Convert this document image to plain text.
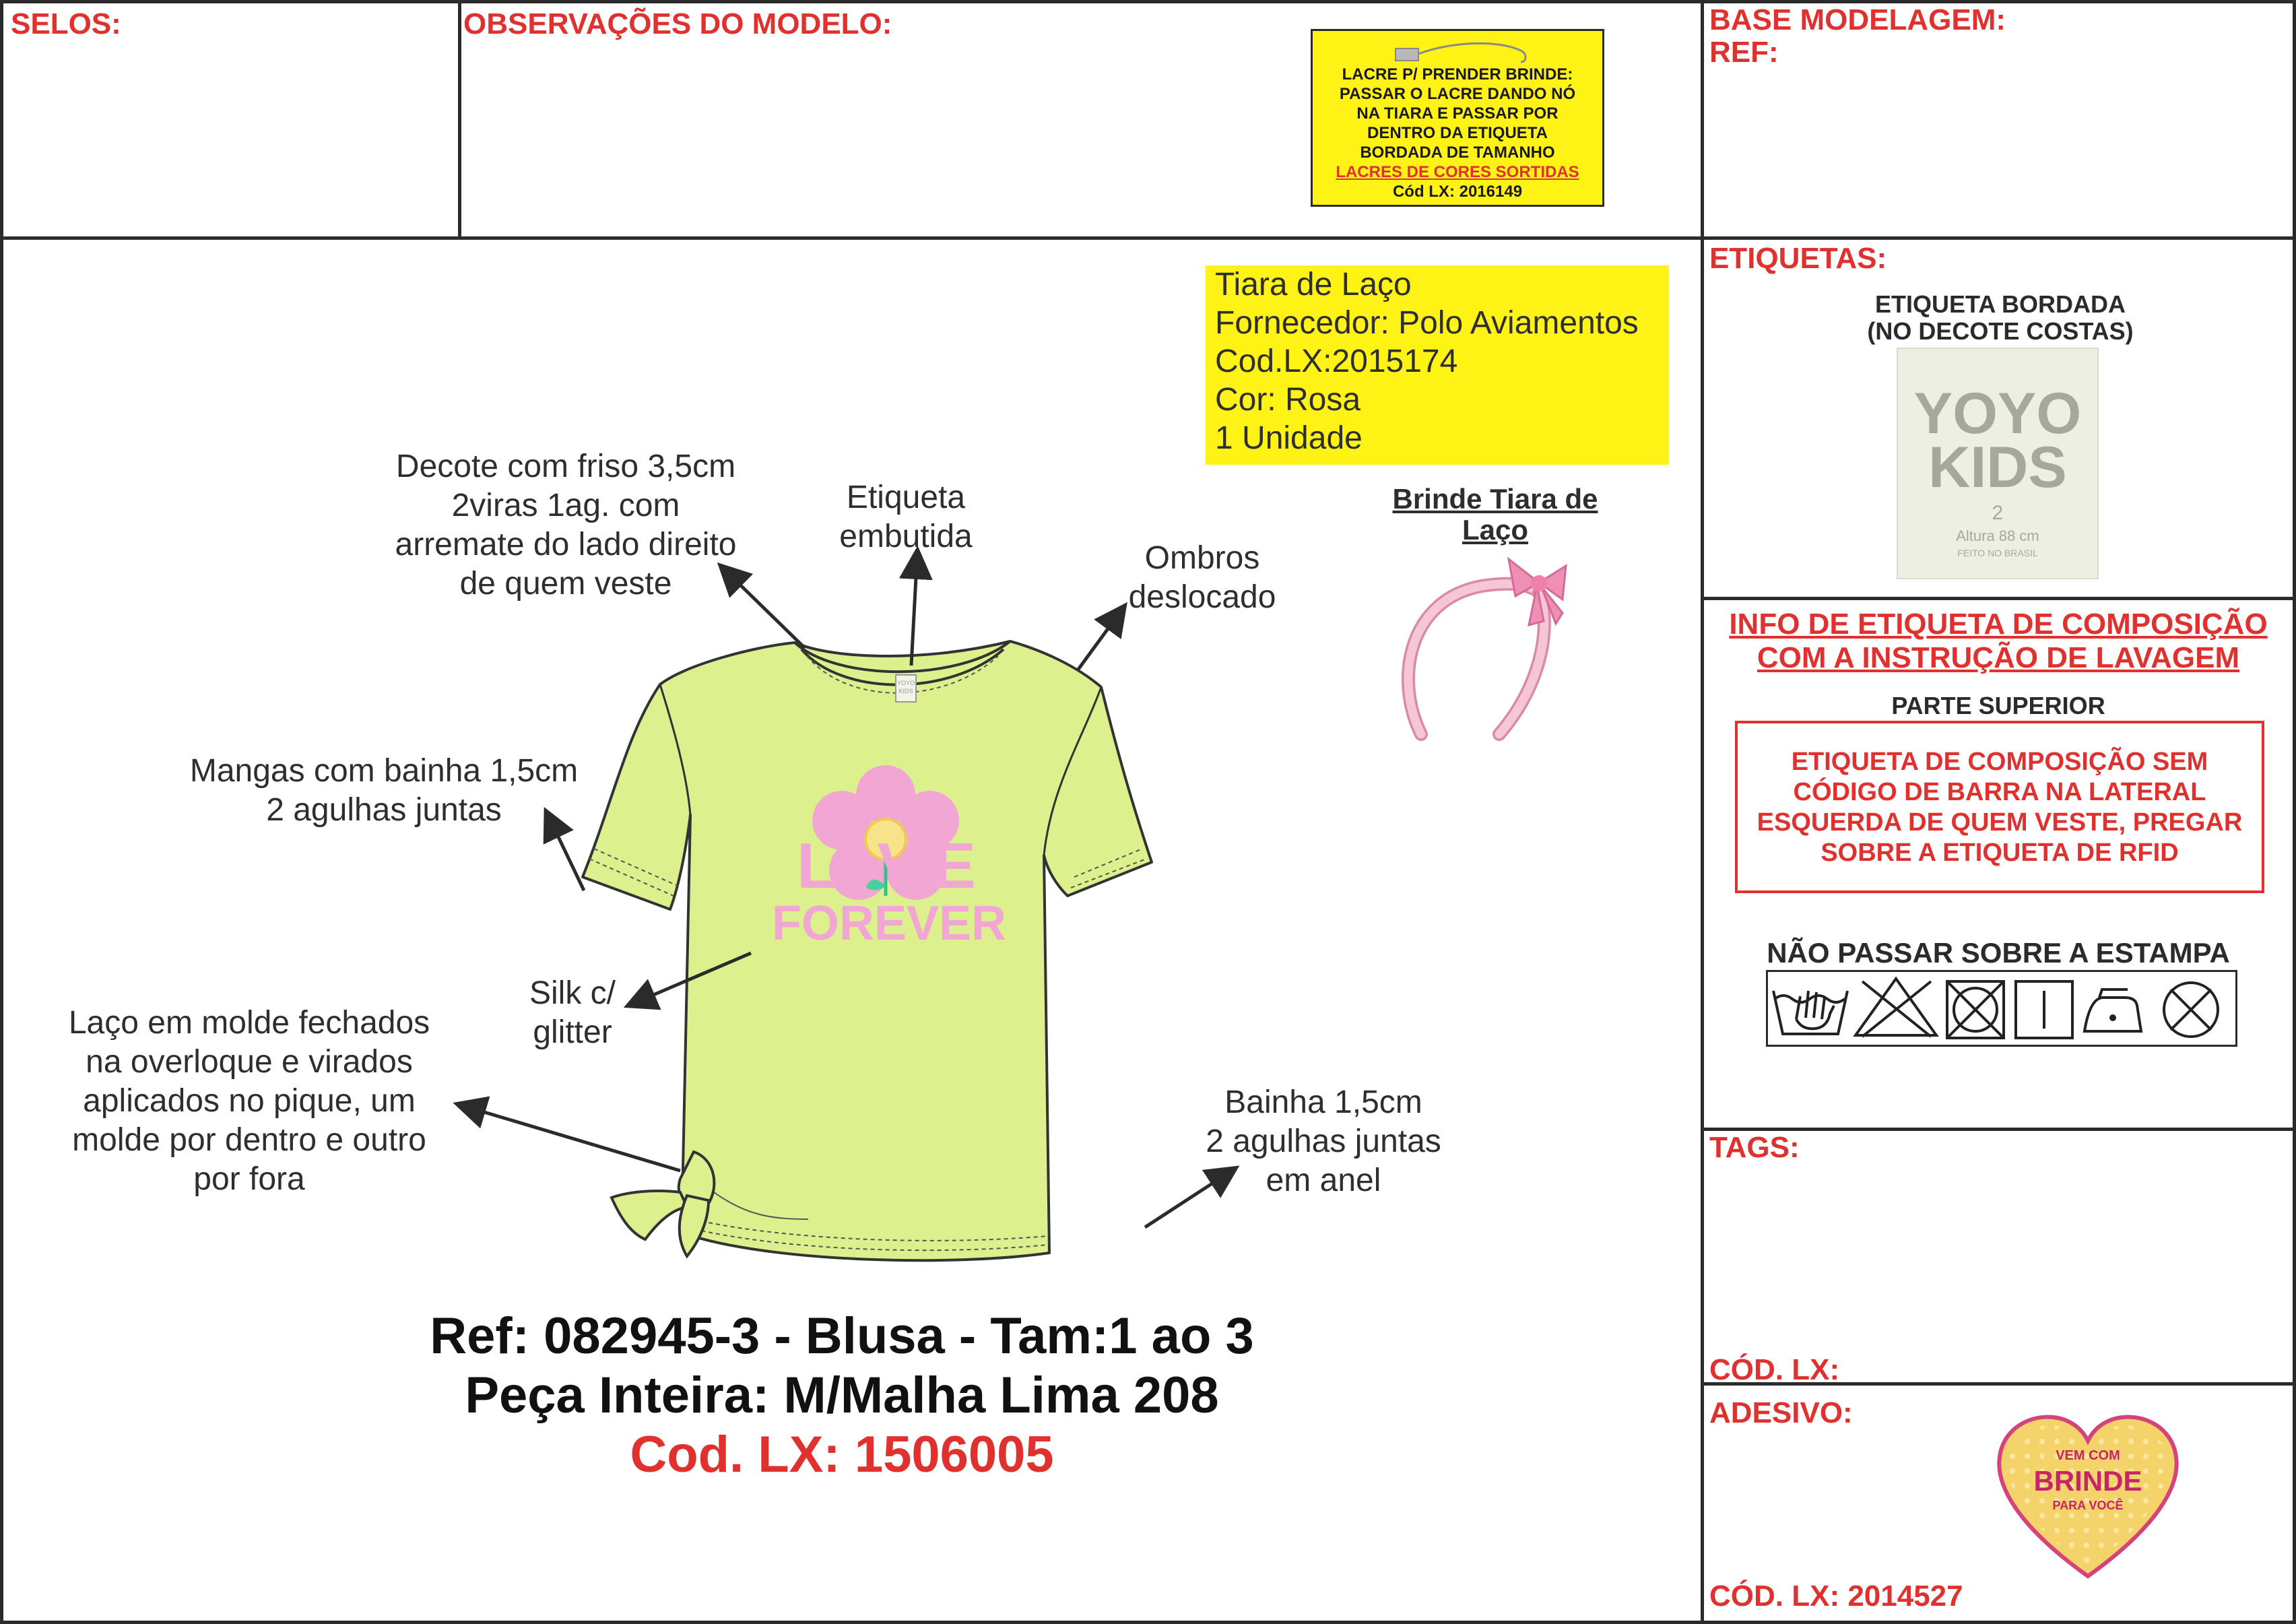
SELOS:	OBSERVAÇÕES DO MODELO:	BASE MODELAGEM:
REF:
ETIQUETAS:
TAGS:
CÓD. LX:
ADESIVO:
CÓD. LX: 2014527
LACRE P/ PRENDER BRINDE:
PASSAR O LACRE DANDO NÓ
NA TIARA E PASSAR POR
DENTRO DA ETIQUETA
BORDADA DE TAMANHO
LACRES DE CORES SORTIDAS
Cód LX: 2016149
Tiara de Laço
Fornecedor: Polo Aviamentos
Cod.LX:2015174
Cor: Rosa
1 Unidade
Brinde Tiara de Laço
ETIQUETA BORDADA
(NO DECOTE COSTAS)
YOYO
KIDS
2
Altura 88 cm
FEITO NO BRASIL
INFO DE ETIQUETA DE COMPOSIÇÃO
COM A INSTRUÇÃO DE LAVAGEM
PARTE SUPERIOR
ETIQUETA DE COMPOSIÇÃO SEM
CÓDIGO DE BARRA NA LATERAL
ESQUERDA DE QUEM VESTE, PREGAR
SOBRE A ETIQUETA DE RFID
NÃO PASSAR SOBRE A ESTAMPA
VEM COM
BRINDE
PARA VOCÊ
YOYO
KIDS
L VE
FOREVER
Decote com friso 3,5cm
2viras 1ag. com
arremate do lado direito
de quem veste
Etiqueta
embutida
Ombros
deslocado
Mangas com bainha 1,5cm
2 agulhas juntas
Silk c/
glitter
Laço em molde fechados
na overloque e virados
aplicados no pique, um
molde por dentro e outro
por fora
Bainha 1,5cm
2 agulhas juntas
em anel
Ref: 082945-3 - Blusa - Tam:1 ao 3
Peça Inteira: M/Malha Lima 208
Cod. LX: 1506005
